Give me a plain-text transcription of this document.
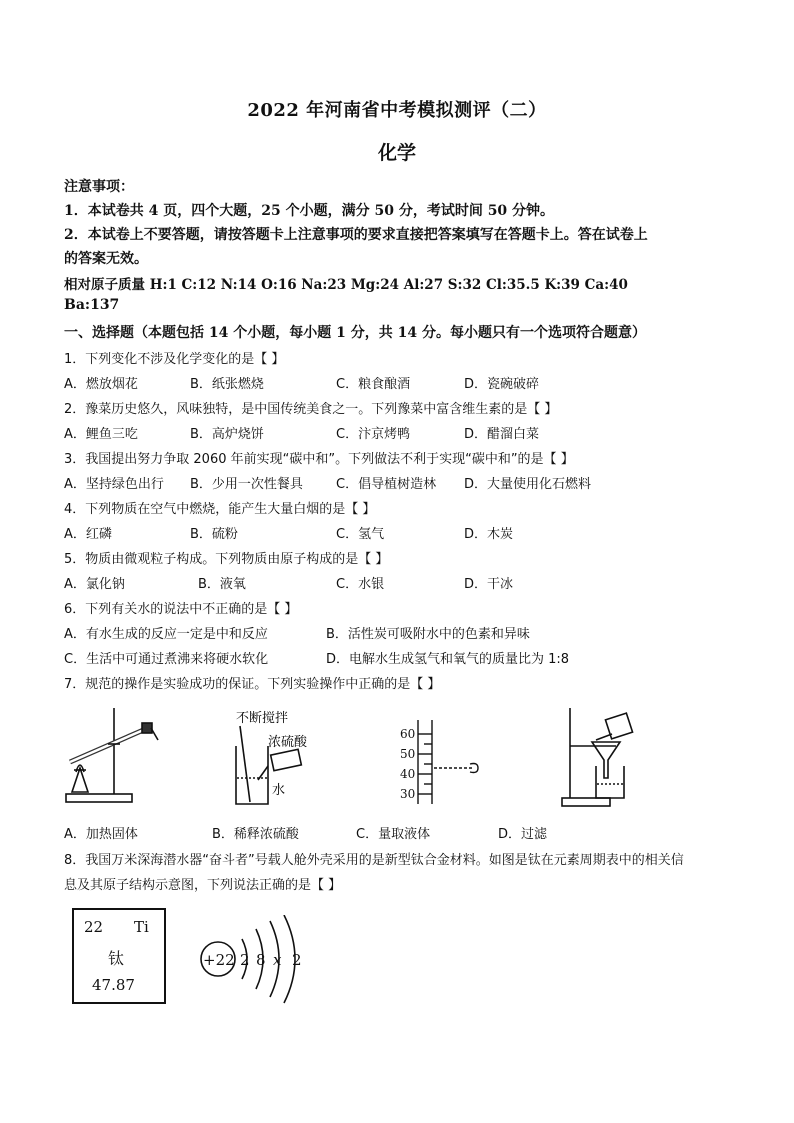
2022 年河南省中考模拟测评（二）
化学
注意事项：
1．本试卷共 4 页，四个大题，25 个小题，满分 50 分，考试时间 50 分钟。
2．本试卷上不要答题，请按答题卡上注意事项的要求直接把答案填写在答题卡上。答在试卷上
的答案无效。
相对原子质量 H:1 C:12 N:14 O:16 Na:23 Mg:24 Al:27 S:32 Cl:35.5 K:39 Ca:40
Ba:137
一、选择题（本题包括 14 个小题，每小题 1 分，共 14 分。每小题只有一个选项符合题意）
1．下列变化不涉及化学变化的是【 】
A．燃放烟花	B．纸张燃烧	C．粮食酿酒	D．瓷碗破碎
2．豫菜历史悠久，风味独特，是中国传统美食之一。下列豫菜中富含维生素的是【 】
A．鲤鱼三吃	B．高炉烧饼	C．汴京烤鸭	D．醋溜白菜
3．我国提出努力争取 2060 年前实现“碳中和”。下列做法不利于实现“碳中和”的是【 】
A．坚持绿色出行 B．少用一次性餐具	C．倡导植树造林 D．大量使用化石燃料
4．下列物质在空气中燃烧，能产生大量白烟的是【 】
A．红磷	B．硫粉	C．氢气	D．木炭
5．物质由微观粒子构成。下列物质由原子构成的是【 】
A．氯化钠	B．液氧	C．水银	D．干冰
6．下列有关水的说法中不正确的是【 】
A．有水生成的反应一定是中和反应	B．活性炭可吸附水中的色素和异味
C．生活中可通过煮沸来将硬水软化	D．电解水生成氢气和氧气的质量比为 1:8
7．规范的操作是实验成功的保证。下列实验操作中正确的是【 】
不断搅拌
浓硫酸
水
60
50
40
30
A．加热固体	B．稀释浓硫酸	C．量取液体	D．过滤
8．我国万米深海潜水器“奋斗者”号载人舱外壳采用的是新型钛合金材料。如图是钛在元素周期表中的相关信
息及其原子结构示意图，下列说法正确的是【 】
22 Ti
钛
47.87
+22 2 8 x 2
